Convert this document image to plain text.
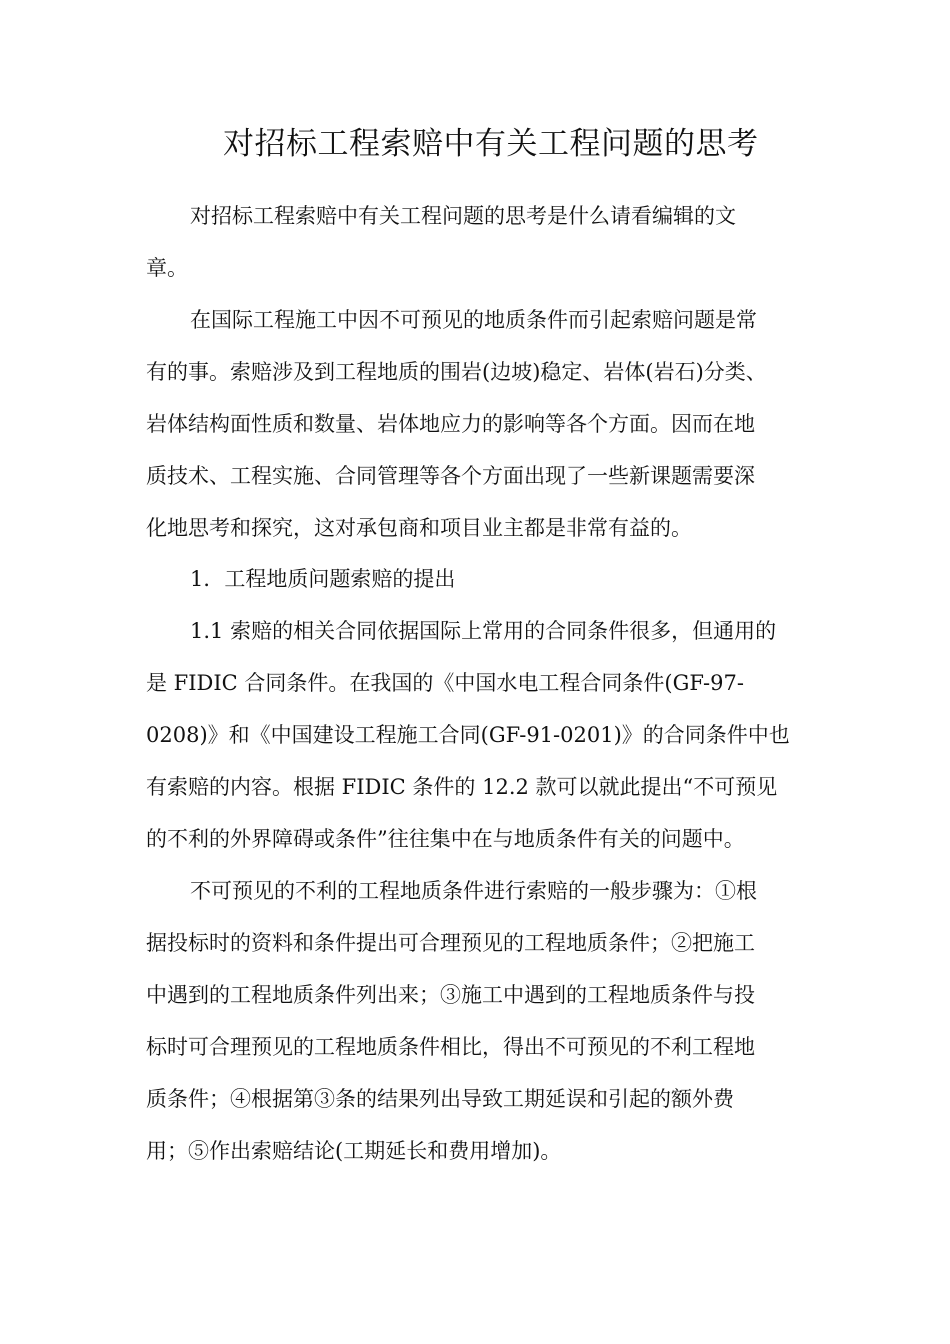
对招标工程索赔中有关工程问题的思考
对招标工程索赔中有关工程问题的思考是什么请看编辑的文
章。
在国际工程施工中因不可预见的地质条件而引起索赔问题是常
有的事。索赔涉及到工程地质的围岩(边坡)稳定、岩体(岩石)分类、
岩体结构面性质和数量、岩体地应力的影响等各个方面。因而在地
质技术、工程实施、合同管理等各个方面出现了一些新课题需要深
化地思考和探究，这对承包商和项目业主都是非常有益的。
1．工程地质问题索赔的提出
1.1 索赔的相关合同依据国际上常用的合同条件很多，但通用的
是 FIDIC 合同条件。在我国的《中国水电工程合同条件(GF-97-
0208)》和《中国建设工程施工合同(GF-91-0201)》的合同条件中也
有索赔的内容。根据 FIDIC 条件的 12.2 款可以就此提出“不可预见
的不利的外界障碍或条件”往往集中在与地质条件有关的问题中。
不可预见的不利的工程地质条件进行索赔的一般步骤为：①根
据投标时的资料和条件提出可合理预见的工程地质条件；②把施工
中遇到的工程地质条件列出来；③施工中遇到的工程地质条件与投
标时可合理预见的工程地质条件相比，得出不可预见的不利工程地
质条件；④根据第③条的结果列出导致工期延误和引起的额外费
用；⑤作出索赔结论(工期延长和费用增加)。
